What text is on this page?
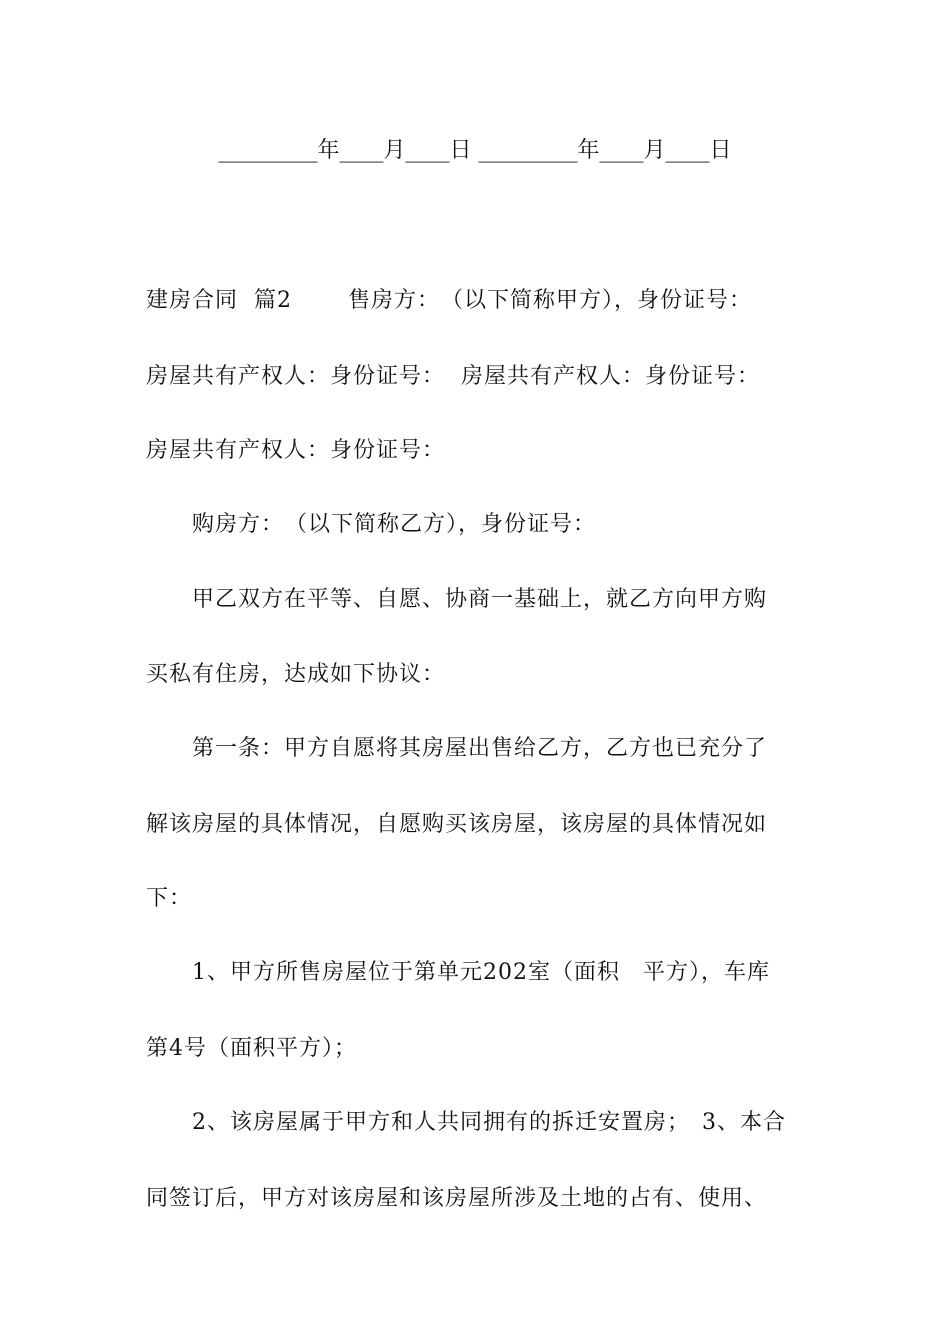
_________年____月____日 _________年____月____日
建房合同 篇2	售房方：　（以下简称甲方），身份证号：
房屋共有产权人：身份证号： 房屋共有产权人：身份证号：
房屋共有产权人：身份证号：
购房方：　（以下简称乙方），身份证号：
甲乙双方在平等、自愿、协商一基础上，就乙方向甲方购
买私有住房，达成如下协议：
第一条：甲方自愿将其房屋出售给乙方，乙方也已充分了
解该房屋的具体情况，自愿购买该房屋，该房屋的具体情况如
下：
1、甲方所售房屋位于第单元202室（面积　平方），车库
第4号（面积平方）；
2、该房屋属于甲方和人共同拥有的拆迁安置房；　3、本合
同签订后，甲方对该房屋和该房屋所涉及土地的占有、使用、
